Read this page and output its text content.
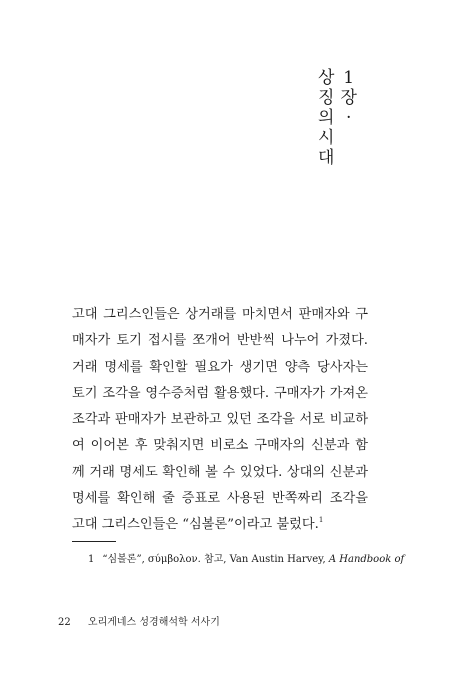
1
장
.
상
징
의
시
대
고대 그리스인들은 상거래를 마치면서 판매자와 구매자가 토기 접시를 쪼개어 반반씩 나누어 가졌다. 거래 명세를 확인할 필요가 생기면 양측 당사자는 토기 조각을 영수증처럼 활용했다. 구매자가 가져온 조각과 판매자가 보관하고 있던 조각을 서로 비교하여 이어본 후 맞춰지면 비로소 구매자의 신분과 함께 거래 명세도 확인해 볼 수 있었다. 상대의 신분과 명세를 확인해 줄 증표로 사용된 반쪽짜리 조각을 고대 그리스인들은 “심볼론”이라고 불렀다.$^1$
1 “심볼론”, σύμβολον. 참고, Van Austin Harvey, A Handbook of
22 오리게네스 성경해석학 서사기
